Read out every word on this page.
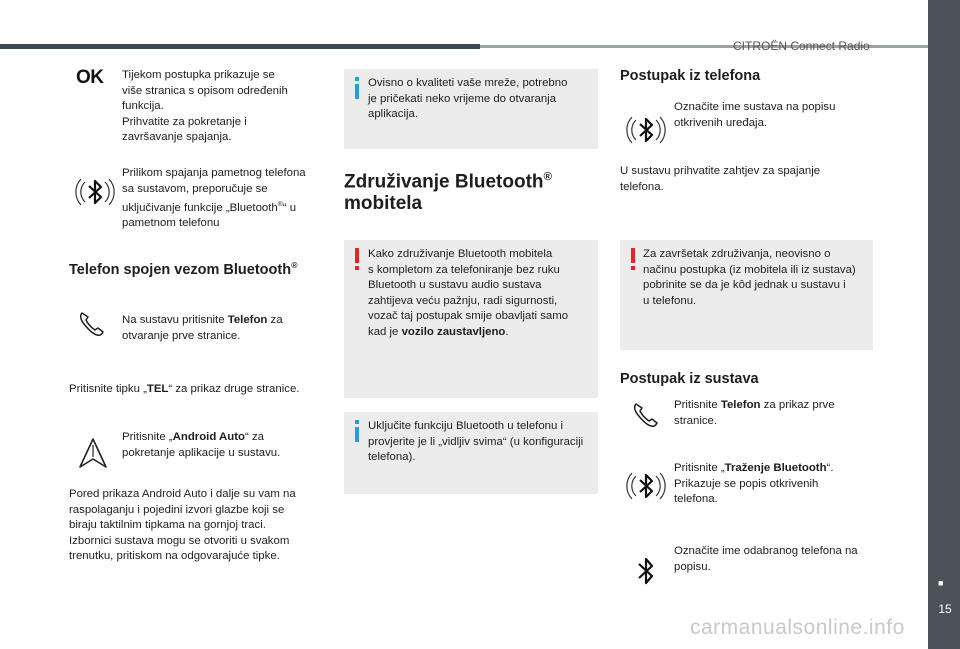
CITROËN Connect Radio
■
15
carmanualsonline.info
OK Tijekom postupka prikazuje se
više stranica s opisom određenih
funkcija.
Prihvatite za pokretanje i
završavanje spajanja.
Prilikom spajanja pametnog telefona
sa sustavom, preporučuje se
uključivanje funkcije „Bluetooth®“ u
pametnom telefonu
Telefon spojen vezom Bluetooth®
Na sustavu pritisnite Telefon za
otvaranje prve stranice.
Pritisnite tipku „TEL“ za prikaz druge stranice.
Pritisnite „Android Auto“ za
pokretanje aplikacije u sustavu.
Pored prikaza Android Auto i dalje su vam na
raspolaganju i pojedini izvori glazbe koji se
biraju taktilnim tipkama na gornjoj traci.
Izbornici sustava mogu se otvoriti u svakom
trenutku, pritiskom na odgovarajuće tipke.
Ovisno o kvaliteti vaše mreže, potrebno
je pričekati neko vrijeme do otvaranja
aplikacija.
Združivanje Bluetooth®
mobitela
Kako združivanje Bluetooth mobitela
s kompletom za telefoniranje bez ruku
Bluetooth u sustavu audio sustava
zahtijeva veću pažnju, radi sigurnosti,
vozač taj postupak smije obavljati samo
kad je vozilo zaustavljeno.
Uključite funkciju Bluetooth u telefonu i
provjerite je li „vidljiv svima“ (u konfiguraciji
telefona).
Postupak iz telefona
Označite ime sustava na popisu
otkrivenih uređaja.
U sustavu prihvatite zahtjev za spajanje
telefona.
Za završetak združivanja, neovisno o
načinu postupka (iz mobitela ili iz sustava)
pobrinite se da je kôd jednak u sustavu i
u telefonu.
Postupak iz sustava
Pritisnite Telefon za prikaz prve
stranice.
Pritisnite „Traženje Bluetooth“.
Prikazuje se popis otkrivenih
telefona.
Označite ime odabranog telefona na
popisu.
